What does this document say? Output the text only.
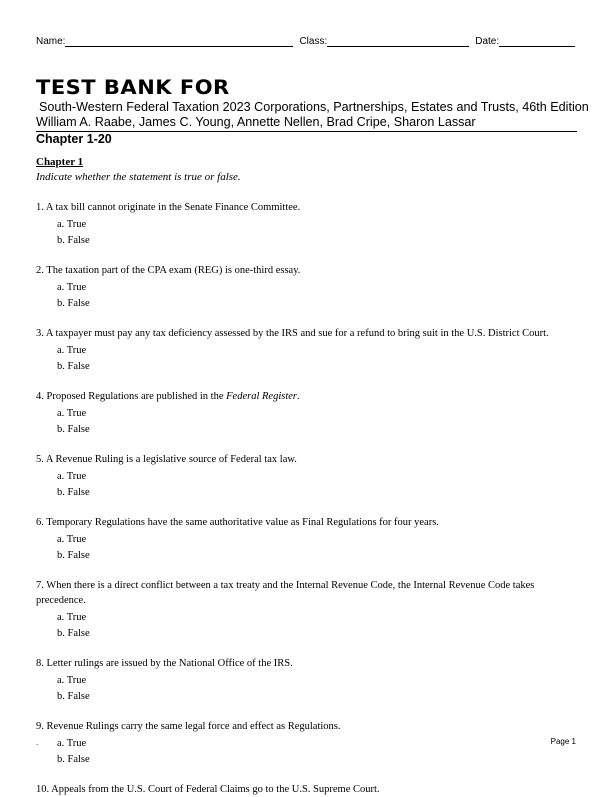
Name:	Class:	Date:
TEST BANK FOR
South-Western Federal Taxation 2023 Corporations, Partnerships, Estates and Trusts, 46th Edition
William A. Raabe, James C. Young, Annette Nellen, Brad Cripe, Sharon Lassar
Chapter 1-20
Chapter 1
Indicate whether the statement is true or false.
1. A tax bill cannot originate in the Senate Finance Committee.
a. True
b. False
2. The taxation part of the CPA exam (REG) is one-third essay.
a. True
b. False
3. A taxpayer must pay any tax deficiency assessed by the IRS and sue for a refund to bring suit in the U.S. District Court.
a. True
b. False
4. Proposed Regulations are published in the Federal Register.
a. True
b. False
5. A Revenue Ruling is a legislative source of Federal tax law.
a. True
b. False
6. Temporary Regulations have the same authoritative value as Final Regulations for four years.
a. True
b. False
7. When there is a direct conflict between a tax treaty and the Internal Revenue Code, the Internal Revenue Code takes precedence.
a. True
b. False
8. Letter rulings are issued by the National Office of the IRS.
a. True
b. False
9. Revenue Rulings carry the same legal force and effect as Regulations.
a. True
b. False
10. Appeals from the U.S. Court of Federal Claims go to the U.S. Supreme Court.
.	Page 1
